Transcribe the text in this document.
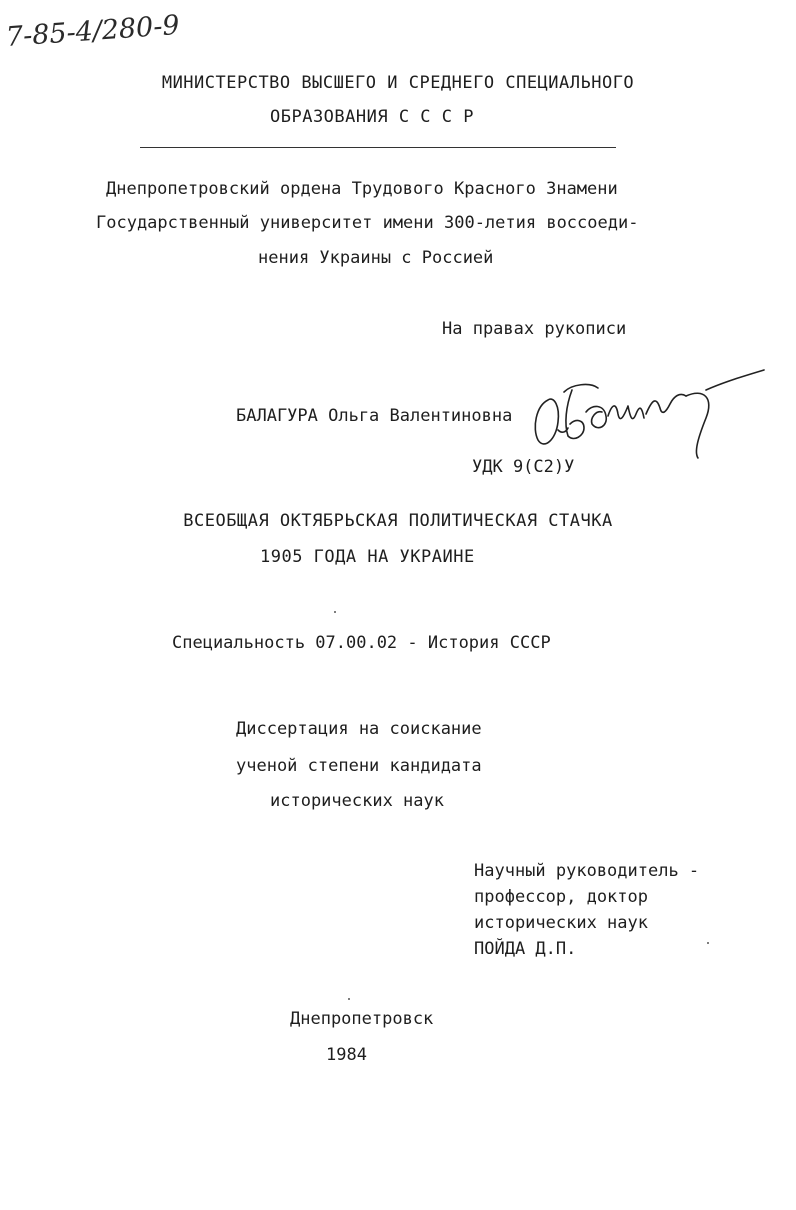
7-85-4/280-9
МИНИСТЕРСТВО ВЫСШЕГО И СРЕДНЕГО СПЕЦИАЛЬНОГО
ОБРАЗОВАНИЯ С С С Р
Днепропетровский ордена Трудового Красного Знамени
Государственный университет имени 300-летия воссоеди-
нения Украины с Россией
На правах рукописи
БАЛАГУРА Ольга Валентиновна
УДК 9(С2)У
ВСЕОБЩАЯ ОКТЯБРЬСКАЯ ПОЛИТИЧЕСКАЯ СТАЧКА
1905 ГОДА НА УКРАИНЕ
Специальность 07.00.02 - История СССР
Диссертация на соискание
ученой степени кандидата
исторических наук
Научный руководитель -
профессор, доктор
исторических наук
ПОЙДА Д.П.
Днепропетровск
1984
